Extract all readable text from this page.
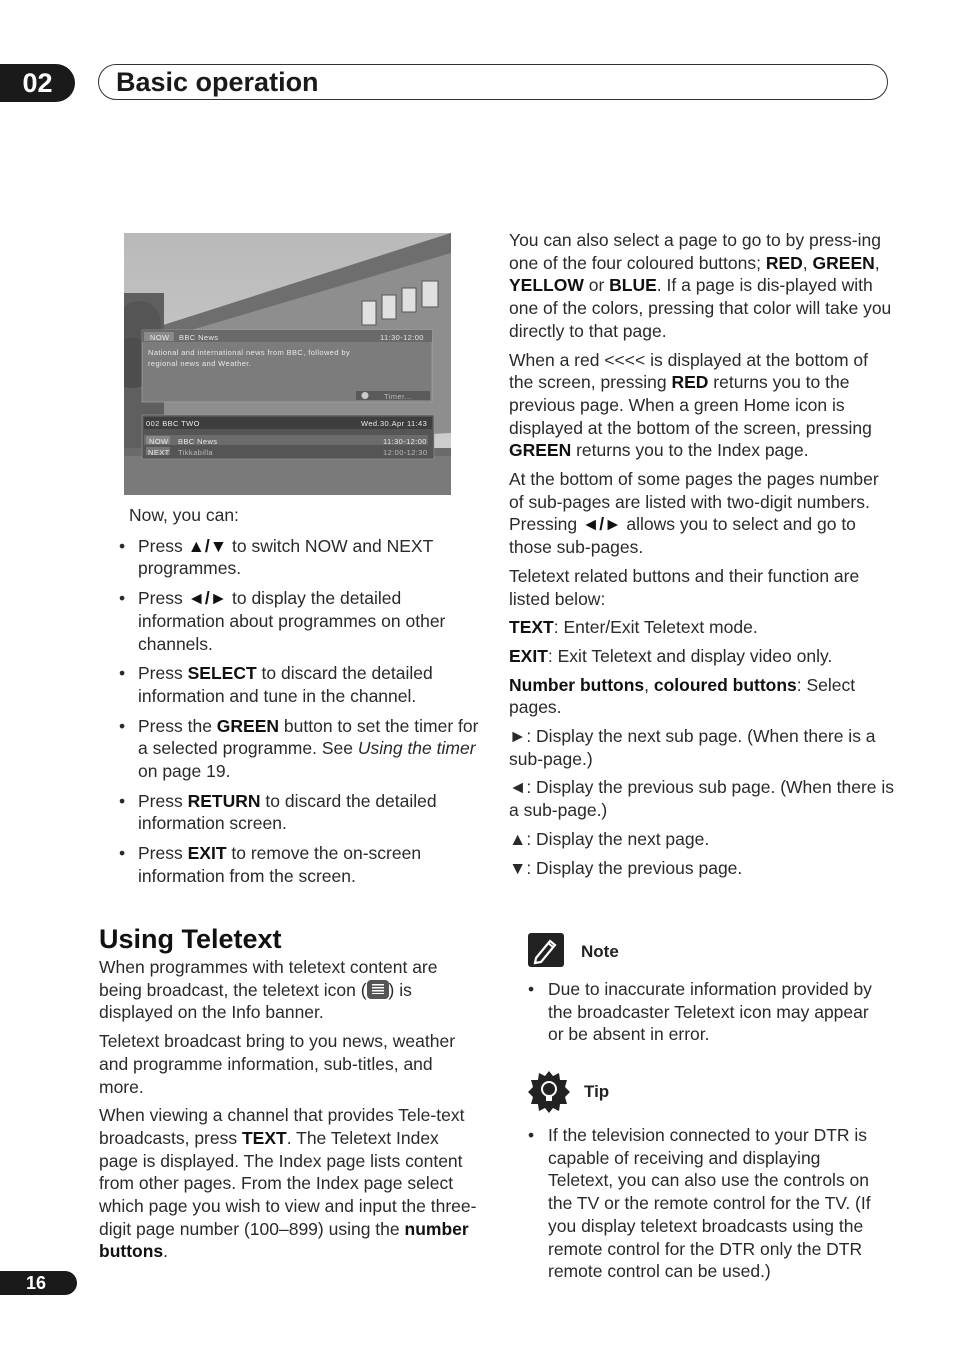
02	Basic operation
NOW BBC News	11:30-12:00
National and international news from BBC, followed by
regional news and Weather.
Timer...
002 BBC TWO	Wed.30.Apr 11:43
NOW BBC News	11:30-12:00
NEXT Tikkabilla	12:00-12:30

Now, you can:

• Press ▲/▼ to switch NOW and NEXT programmes.
• Press ◄/► to display the detailed information about programmes on other channels.
• Press SELECT to discard the detailed information and tune in the channel.
• Press the GREEN button to set the timer for a selected programme. See Using the timer on page 19.
• Press RETURN to discard the detailed information screen.
• Press EXIT to remove the on-screen information from the screen.
Using Teletext

When programmes with teletext content are being broadcast, the teletext icon ( ) is displayed on the Info banner.

Teletext broadcast bring to you news, weather and programme information, sub-titles, and more.

When viewing a channel that provides Tele-text broadcasts, press TEXT. The Teletext Index page is displayed. The Index page lists content from other pages. From the Index page select which page you wish to view and input the three-digit page number (100–899) using the number buttons.

You can also select a page to go to by press-ing one of the four coloured buttons; RED, GREEN, YELLOW or BLUE. If a page is dis-played with one of the colors, pressing that color will take you directly to that page.

When a red <<<< is displayed at the bottom of the screen, pressing RED returns you to the previous page. When a green Home icon is displayed at the bottom of the screen, pressing GREEN returns you to the Index page.

At the bottom of some pages the pages number of sub-pages are listed with two-digit numbers. Pressing ◄/► allows you to select and go to those sub-pages.

Teletext related buttons and their function are listed below:

TEXT: Enter/Exit Teletext mode.

EXIT: Exit Teletext and display video only.

Number buttons, coloured buttons: Select pages.

►: Display the next sub page. (When there is a sub-page.)

◄: Display the previous sub page. (When there is a sub-page.)

▲: Display the next page.

▼: Display the previous page.

Note
• Due to inaccurate information provided by the broadcaster Teletext icon may appear or be absent in error.
Tip
• If the television connected to your DTR is capable of receiving and displaying Teletext, you can also use the controls on the TV or the remote control for the TV. (If you display teletext broadcasts using the remote control for the DTR only the DTR remote control can be used.)
16
